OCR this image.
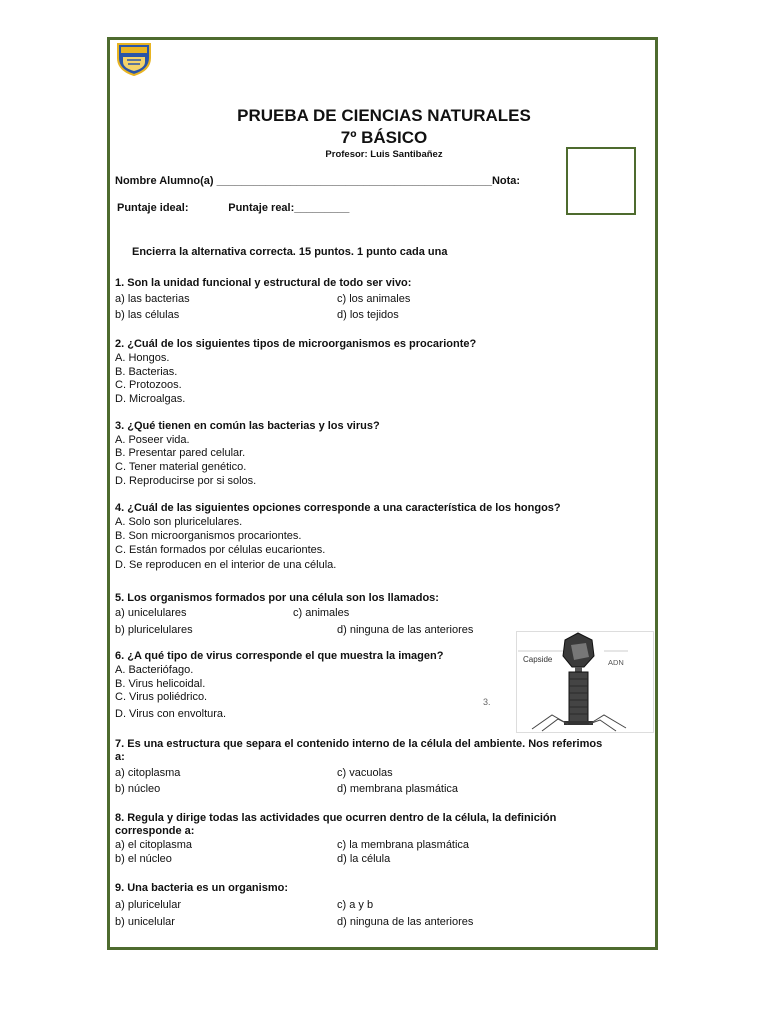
PRUEBA DE CIENCIAS NATURALES
7º BÁSICO
Profesor: Luis Santibañez
Nombre Alumno(a) _____________________________________________Nota:
Puntaje ideal:             Puntaje real:_________
Encierra la alternativa correcta. 15 puntos. 1 punto cada una
1. Son la unidad funcional y estructural de todo ser vivo:
a) las bacterias	c) los animales
b) las células	d) los tejidos
2. ¿Cuál de los siguientes tipos de microorganismos es procarionte?
A. Hongos.
B. Bacterias.
C. Protozoos.
D. Microalgas.
3. ¿Qué tienen en común las bacterias y los virus?
A. Poseer vida.
B. Presentar pared celular.
C. Tener material genético.
D. Reproducirse por si solos.
4. ¿Cuál de las siguientes opciones corresponde a una característica de los hongos?
A. Solo son pluricelulares.
B. Son microorganismos procariontes.
C. Están formados por células eucariontes.
D. Se reproducen en el interior de una célula.
5. Los organismos formados por una célula son los llamados:
a) unicelulares	c) animales
b) pluricelulares	d) ninguna de las anteriores
6. ¿A qué tipo de virus corresponde el que muestra la imagen?
A. Bacteriófago.
B. Virus helicoidal.
C. Virus poliédrico.
D. Virus con envoltura.
3.
Capside	ADN
7. Es una estructura que separa el contenido interno de la célula del ambiente. Nos referimos
a:
a) citoplasma	c) vacuolas
b) núcleo	d) membrana plasmática
8. Regula y dirige todas las actividades que ocurren dentro de la célula, la definición
corresponde a:
a) el citoplasma	c) la membrana plasmática
b) el núcleo	d) la célula
9. Una bacteria es un organismo:
a) pluricelular	c) a y b
b) unicelular	d) ninguna de las anteriores
